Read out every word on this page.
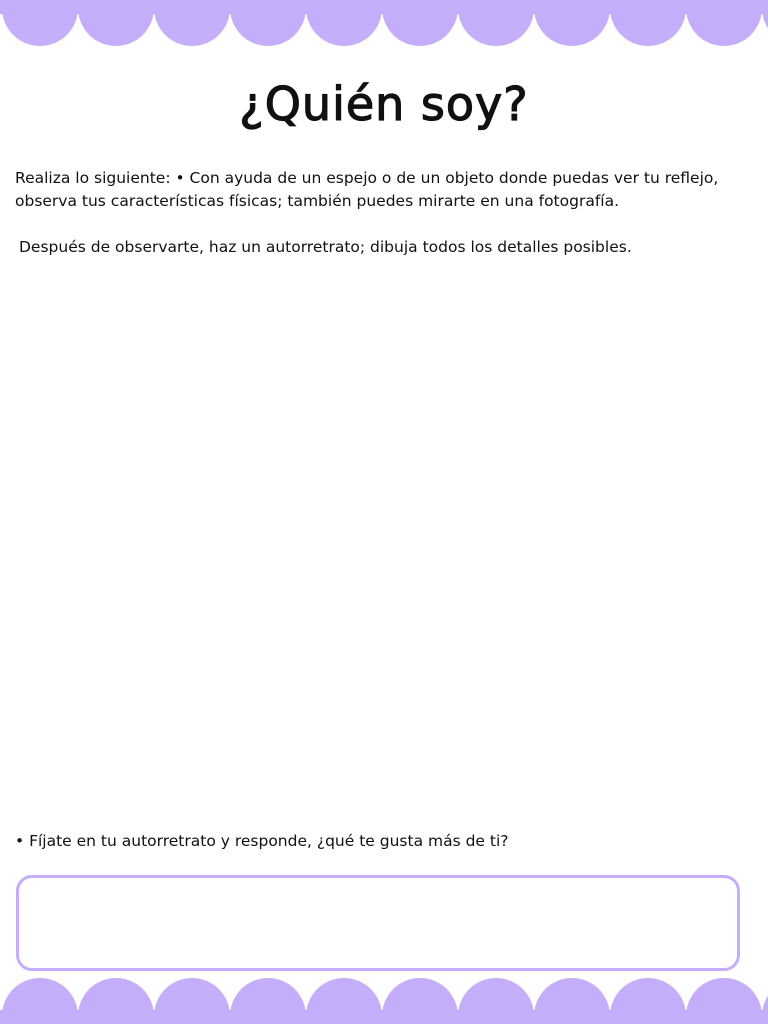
¿Quién soy?

Realiza lo siguiente: • Con ayuda de un espejo o de un objeto donde puedas ver tu reflejo, observa tus características físicas; también puedes mirarte en una fotografía.

Después de observarte, haz un autorretrato; dibuja todos los detalles posibles.

• Fíjate en tu autorretrato y responde, ¿qué te gusta más de ti?
